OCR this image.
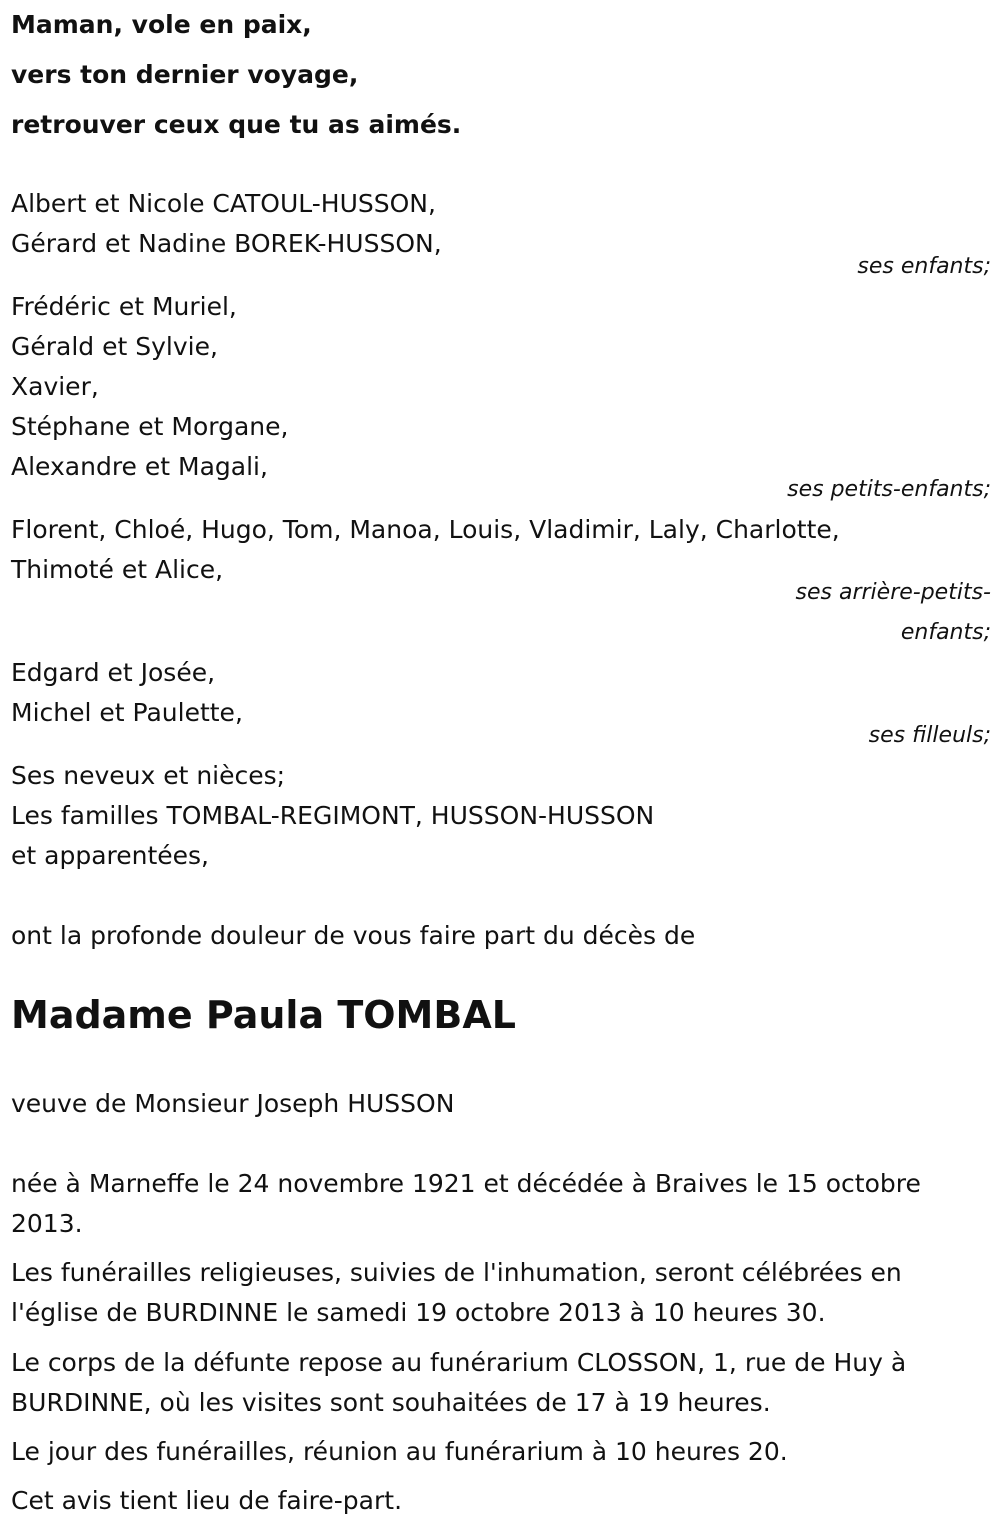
Maman, vole en paix,
vers ton dernier voyage,
retrouver ceux que tu as aimés.
Albert et Nicole CATOUL-HUSSON,
Gérard et Nadine BOREK-HUSSON,
ses enfants;
Frédéric et Muriel,
Gérald et Sylvie,
Xavier,
Stéphane et Morgane,
Alexandre et Magali,
ses petits-enfants;
Florent, Chloé, Hugo, Tom, Manoa, Louis, Vladimir, Laly, Charlotte,
Thimoté et Alice,
ses arrière-petits-
enfants;
Edgard et Josée,
Michel et Paulette,
ses filleuls;
Ses neveux et nièces;
Les familles TOMBAL-REGIMONT, HUSSON-HUSSON
et apparentées,
ont la profonde douleur de vous faire part du décès de
Madame Paula TOMBAL
veuve de Monsieur Joseph HUSSON
née à Marneffe le 24 novembre 1921 et décédée à Braives le 15 octobre 2013.
Les funérailles religieuses, suivies de l'inhumation, seront célébrées en l'église de BURDINNE le samedi 19 octobre 2013 à 10 heures 30.
Le corps de la défunte repose au funérarium CLOSSON, 1, rue de Huy à BURDINNE, où les visites sont souhaitées de 17 à 19 heures.
Le jour des funérailles, réunion au funérarium à 10 heures 20.
Cet avis tient lieu de faire-part.
